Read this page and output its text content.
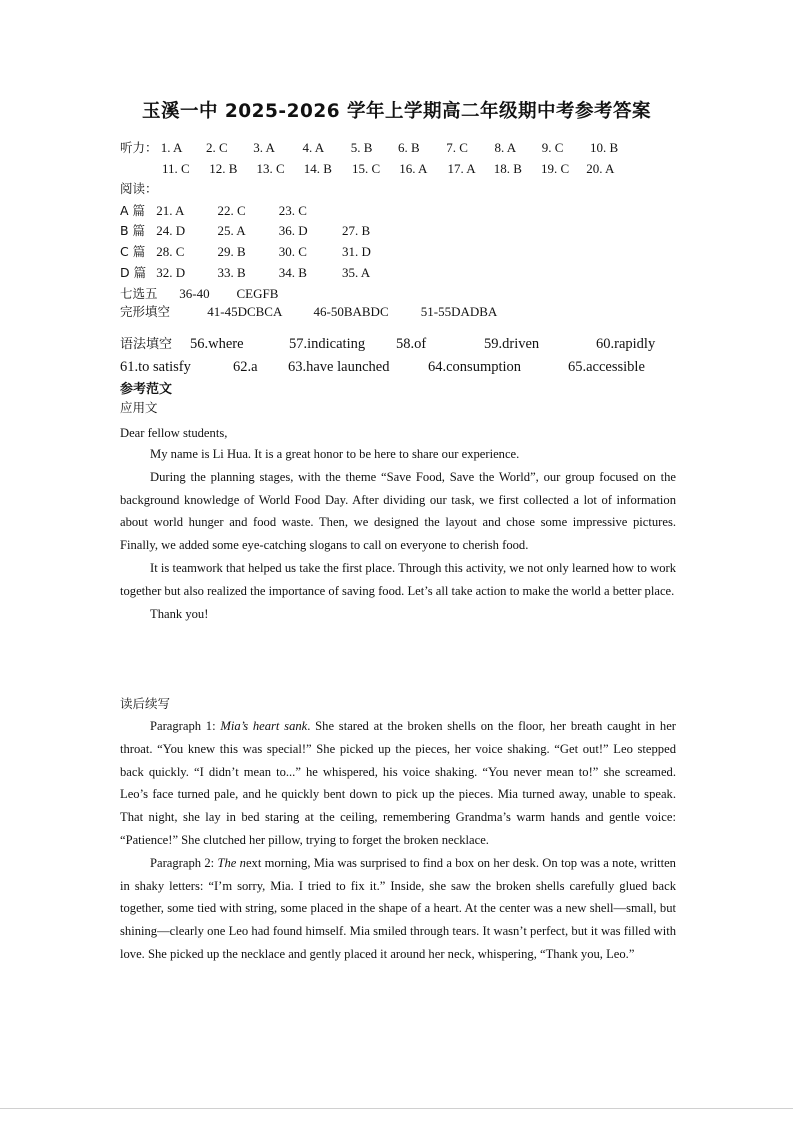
玉溪一中 2025-2026 学年上学期高二年级期中考参考答案
听力： 1. A 2. C 3. A 4. A 5. B 6. B 7. C 8. A 9. C 10. B
11. C 12. B 13. C 14. B 15. C 16. A 17. A 18. B 19. C 20. A
阅读：
A 篇 21. A	22. C	23. C
B 篇 24. D 25. A	36. D	27. B
C 篇 28. C	29. B	30. C	31. D
D 篇 32. D 33. B	34. B	35. A
七选五 36-40 CEGFB
完形填空	41-45DCBCA 46-50BABDC 51-55DADBA
语法填空 56.where	57.indicating 58.of	59.driven	60.rapidly
61.to satisfy	62.a 63.have launched	64.consumption	65.accessible
参考范文
应用文
Dear fellow students,

My name is Li Hua. It is a great honor to be here to share our experience.

During the planning stages, with the theme “Save Food, Save the World”, our group focused on the background knowledge of World Food Day. After dividing our task, we first collected a lot of information about world hunger and food waste. Then, we designed the layout and chose some impressive pictures. Finally, we added some eye-catching slogans to call on everyone to cherish food.

It is teamwork that helped us take the first place. Through this activity, we not only learned how to work together but also realized the importance of saving food. Let’s all take action to make the world a better place.

Thank you!

读后续写

Paragraph 1: Mia’s heart sank. She stared at the broken shells on the floor, her breath caught in her throat. “You knew this was special!” She picked up the pieces, her voice shaking. “Get out!” Leo stepped back quickly. “I didn’t mean to...” he whispered, his voice shaking. “You never mean to!” she screamed. Leo’s face turned pale, and he quickly bent down to pick up the pieces. Mia turned away, unable to speak. That night, she lay in bed staring at the ceiling, remembering Grandma’s warm hands and gentle voice: “Patience!” She clutched her pillow, trying to forget the broken necklace.

Paragraph 2: The next morning, Mia was surprised to find a box on her desk. On top was a note, written in shaky letters: “I’m sorry, Mia. I tried to fix it.” Inside, she saw the broken shells carefully glued back together, some tied with string, some placed in the shape of a heart. At the center was a new shell—small, but shining—clearly one Leo had found himself. Mia smiled through tears. It wasn’t perfect, but it was filled with love. She picked up the necklace and gently placed it around her neck, whispering, “Thank you, Leo.”
